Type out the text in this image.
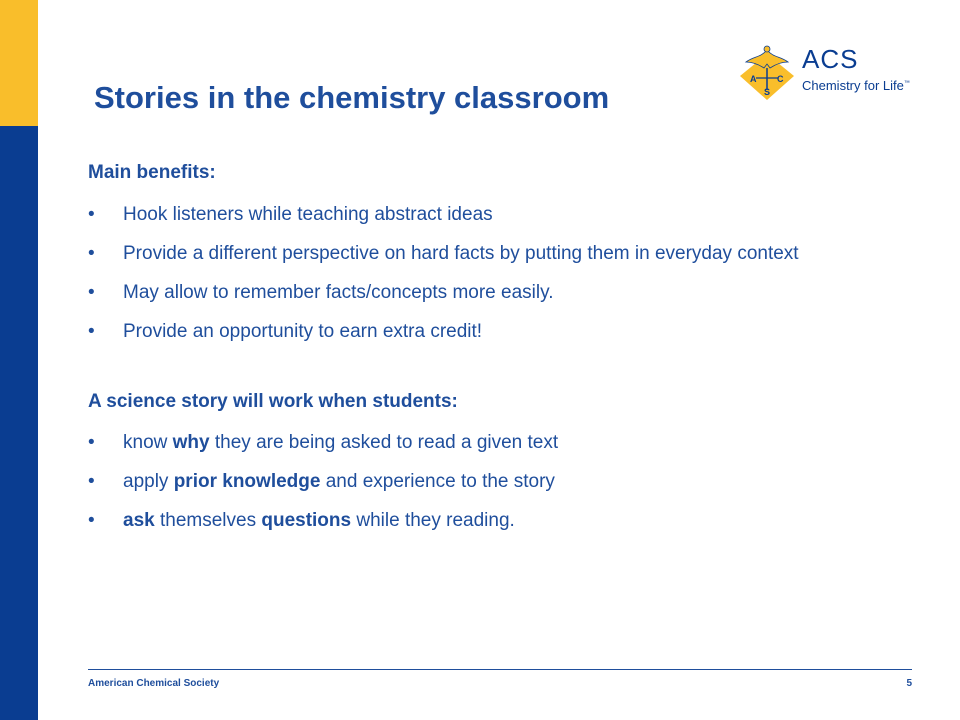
Stories in the chemistry classroom
A C
S
ACS
Chemistry for Life™

Main benefits:

• Hook listeners while teaching abstract ideas

• Provide a different perspective on hard facts by putting them in everyday context

• May allow to remember facts/concepts more easily.

• Provide an opportunity to earn extra credit!

A science story will work when students:

• know why they are being asked to read a given text

• apply prior knowledge and experience to the story

• ask themselves questions while they reading.

American Chemical Society	5
